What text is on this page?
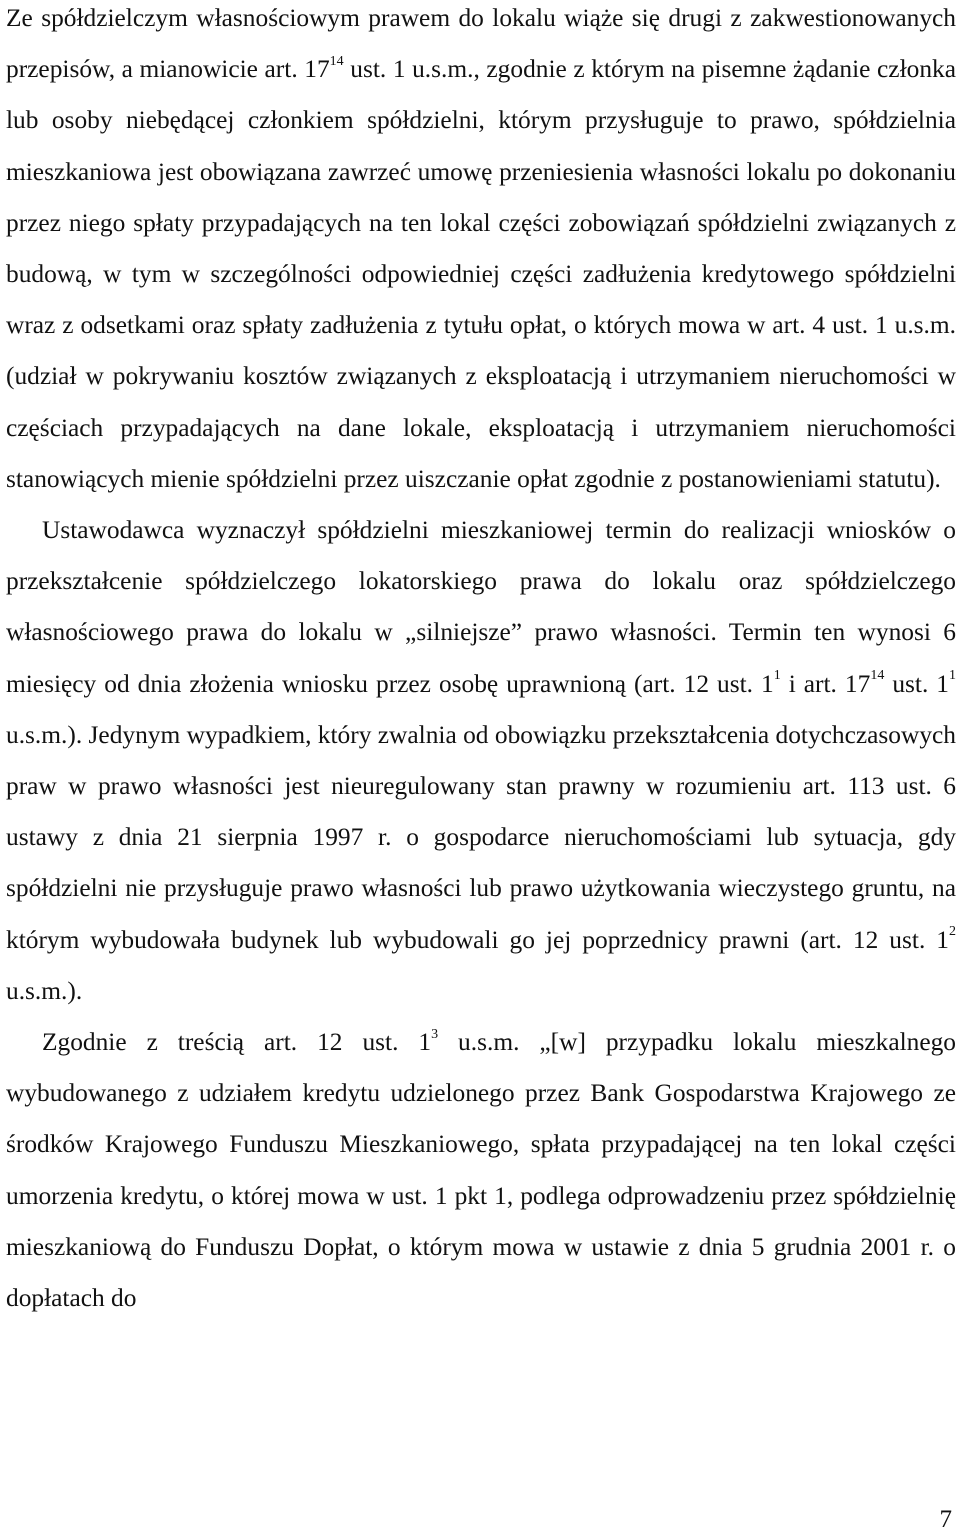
Ze spółdzielczym własnościowym prawem do lokalu wiąże się drugi z zakwestionowanych przepisów, a mianowicie art. $17^{14}$ ust. 1 u.s.m., zgodnie z którym na pisemne żądanie członka lub osoby niebędącej członkiem spółdzielni, którym przysługuje to prawo, spółdzielnia mieszkaniowa jest obowiązana zawrzeć umowę przeniesienia własności lokalu po dokonaniu przez niego spłaty przypadających na ten lokal części zobowiązań spółdzielni związanych z budową, w tym w szczególności odpowiedniej części zadłużenia kredytowego spółdzielni wraz z odsetkami oraz spłaty zadłużenia z tytułu opłat, o których mowa w art. 4 ust. 1 u.s.m. (udział w pokrywaniu kosztów związanych z eksploatacją i utrzymaniem nieruchomości w częściach przypadających na dane lokale, eksploatacją i utrzymaniem nieruchomości stanowiących mienie spółdzielni przez uiszczanie opłat zgodnie z postanowieniami statutu).

Ustawodawca wyznaczył spółdzielni mieszkaniowej termin do realizacji wniosków o przekształcenie spółdzielczego lokatorskiego prawa do lokalu oraz spółdzielczego własnościowego prawa do lokalu w „silniejsze” prawo własności. Termin ten wynosi 6 miesięcy od dnia złożenia wniosku przez osobę uprawnioną (art. 12 ust. $1^1$ i art. $17^{14}$ ust. $1^1$ u.s.m.). Jedynym wypadkiem, który zwalnia od obowiązku przekształcenia dotychczasowych praw w prawo własności jest nieuregulowany stan prawny w rozumieniu art. 113 ust. 6 ustawy z dnia 21 sierpnia 1997 r. o gospodarce nieruchomościami lub sytuacja, gdy spółdzielni nie przysługuje prawo własności lub prawo użytkowania wieczystego gruntu, na którym wybudowała budynek lub wybudowali go jej poprzednicy prawni (art. 12 ust. $1^2$ u.s.m.).

Zgodnie z treścią art. 12 ust. $1^3$ u.s.m. „[w] przypadku lokalu mieszkalnego wybudowanego z udziałem kredytu udzielonego przez Bank Gospodarstwa Krajowego ze środków Krajowego Funduszu Mieszkaniowego, spłata przypadającej na ten lokal części umorzenia kredytu, o której mowa w ust. 1 pkt 1, podlega odprowadzeniu przez spółdzielnię mieszkaniową do Funduszu Dopłat, o którym mowa w ustawie z dnia 5 grudnia 2001 r. o dopłatach do

7
